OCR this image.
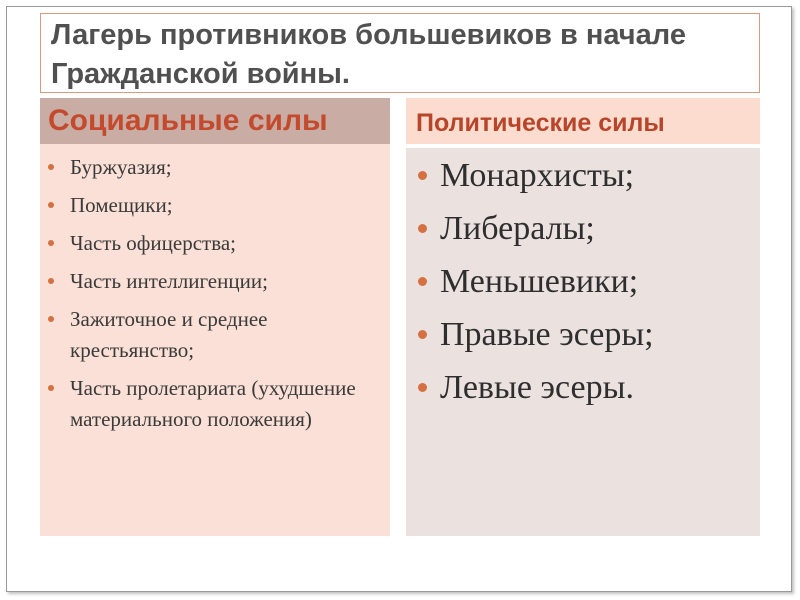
Лагерь противников большевиков в начале
Гражданской войны.
Социальные силы	Политические силы
Буржуазия;
Помещики;
Часть офицерства;
Часть интеллигенции;
Зажиточное и среднее крестьянство;
Часть пролетариата (ухудшение материального положения)
Монархисты;
Либералы;
Меньшевики;
Правые эсеры;
Левые эсеры.
